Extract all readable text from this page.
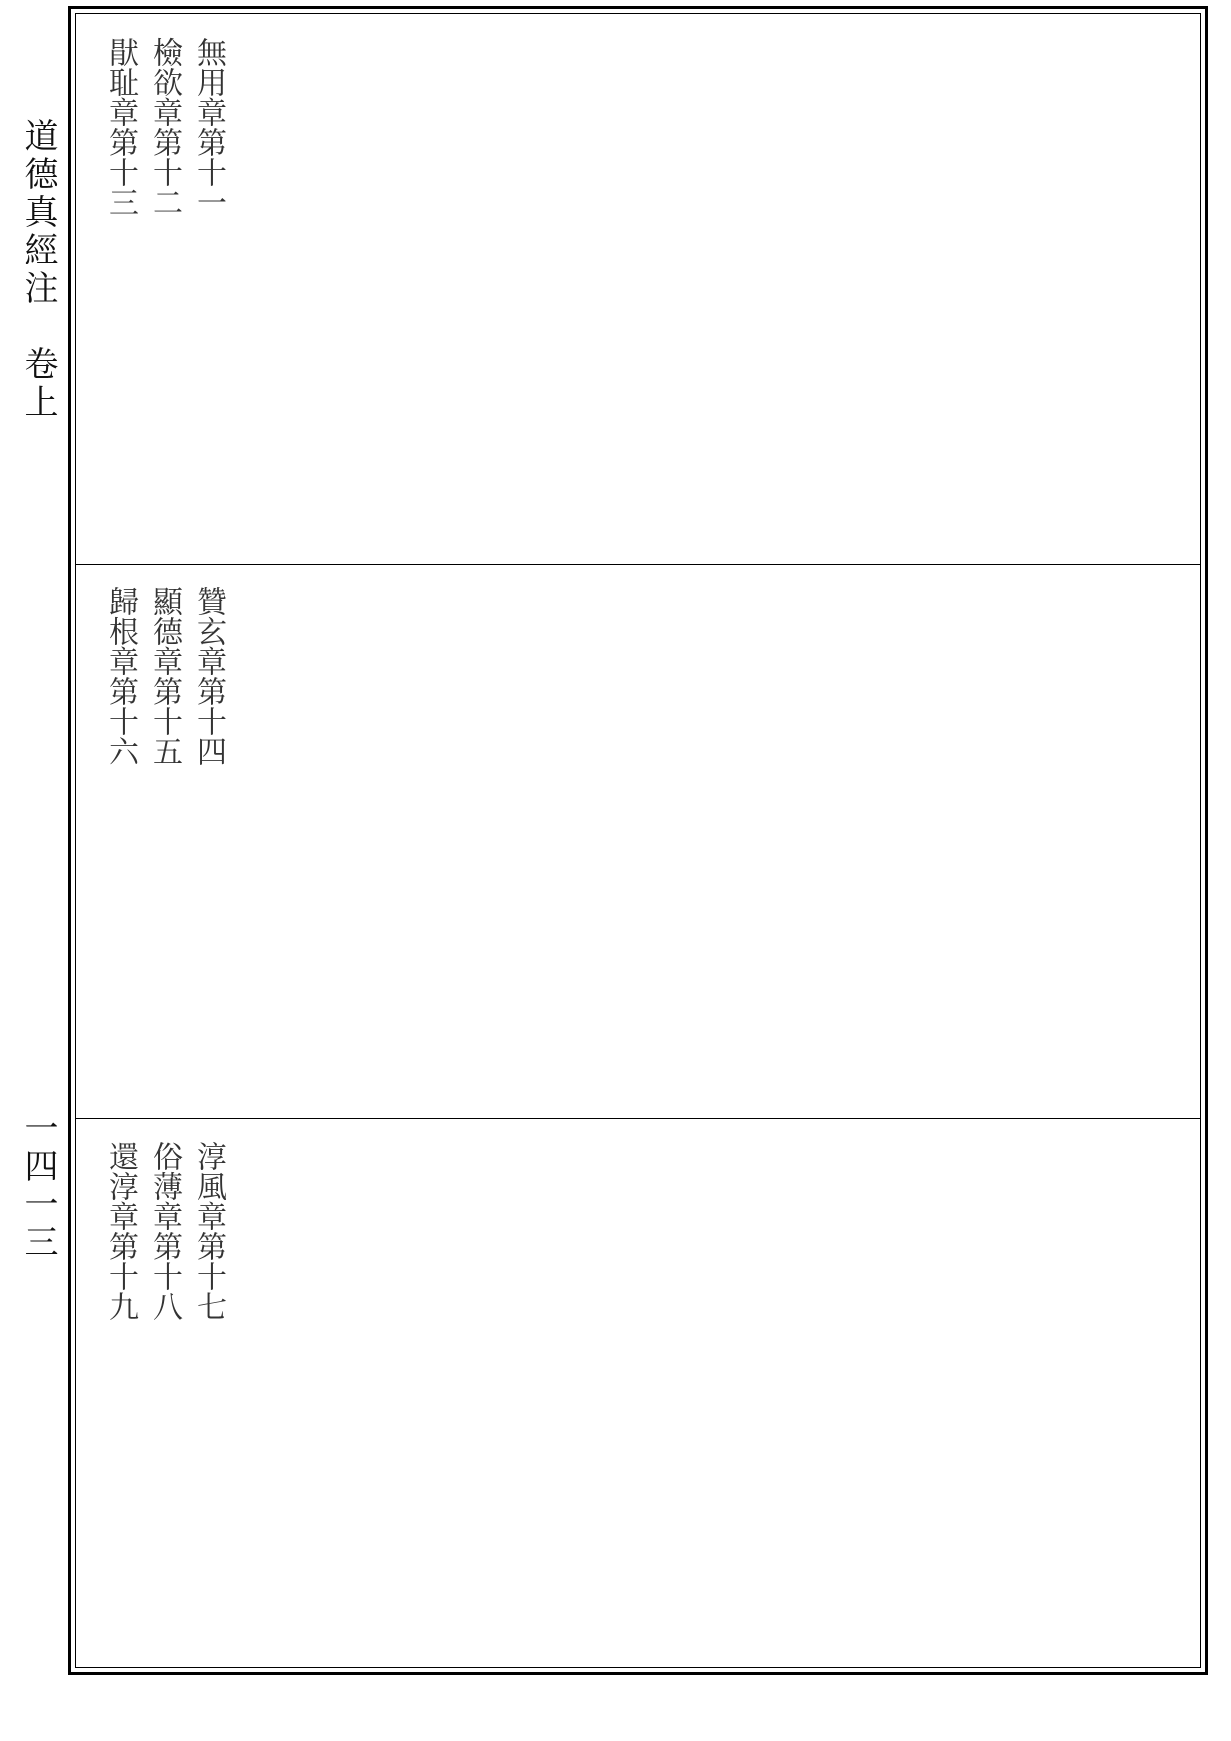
道德真經注　卷上
一四一三
無用章第十一
檢欲章第十二
猒耻章第十三
贊玄章第十四
顯德章第十五
歸根章第十六
淳風章第十七
俗薄章第十八
還淳章第十九
